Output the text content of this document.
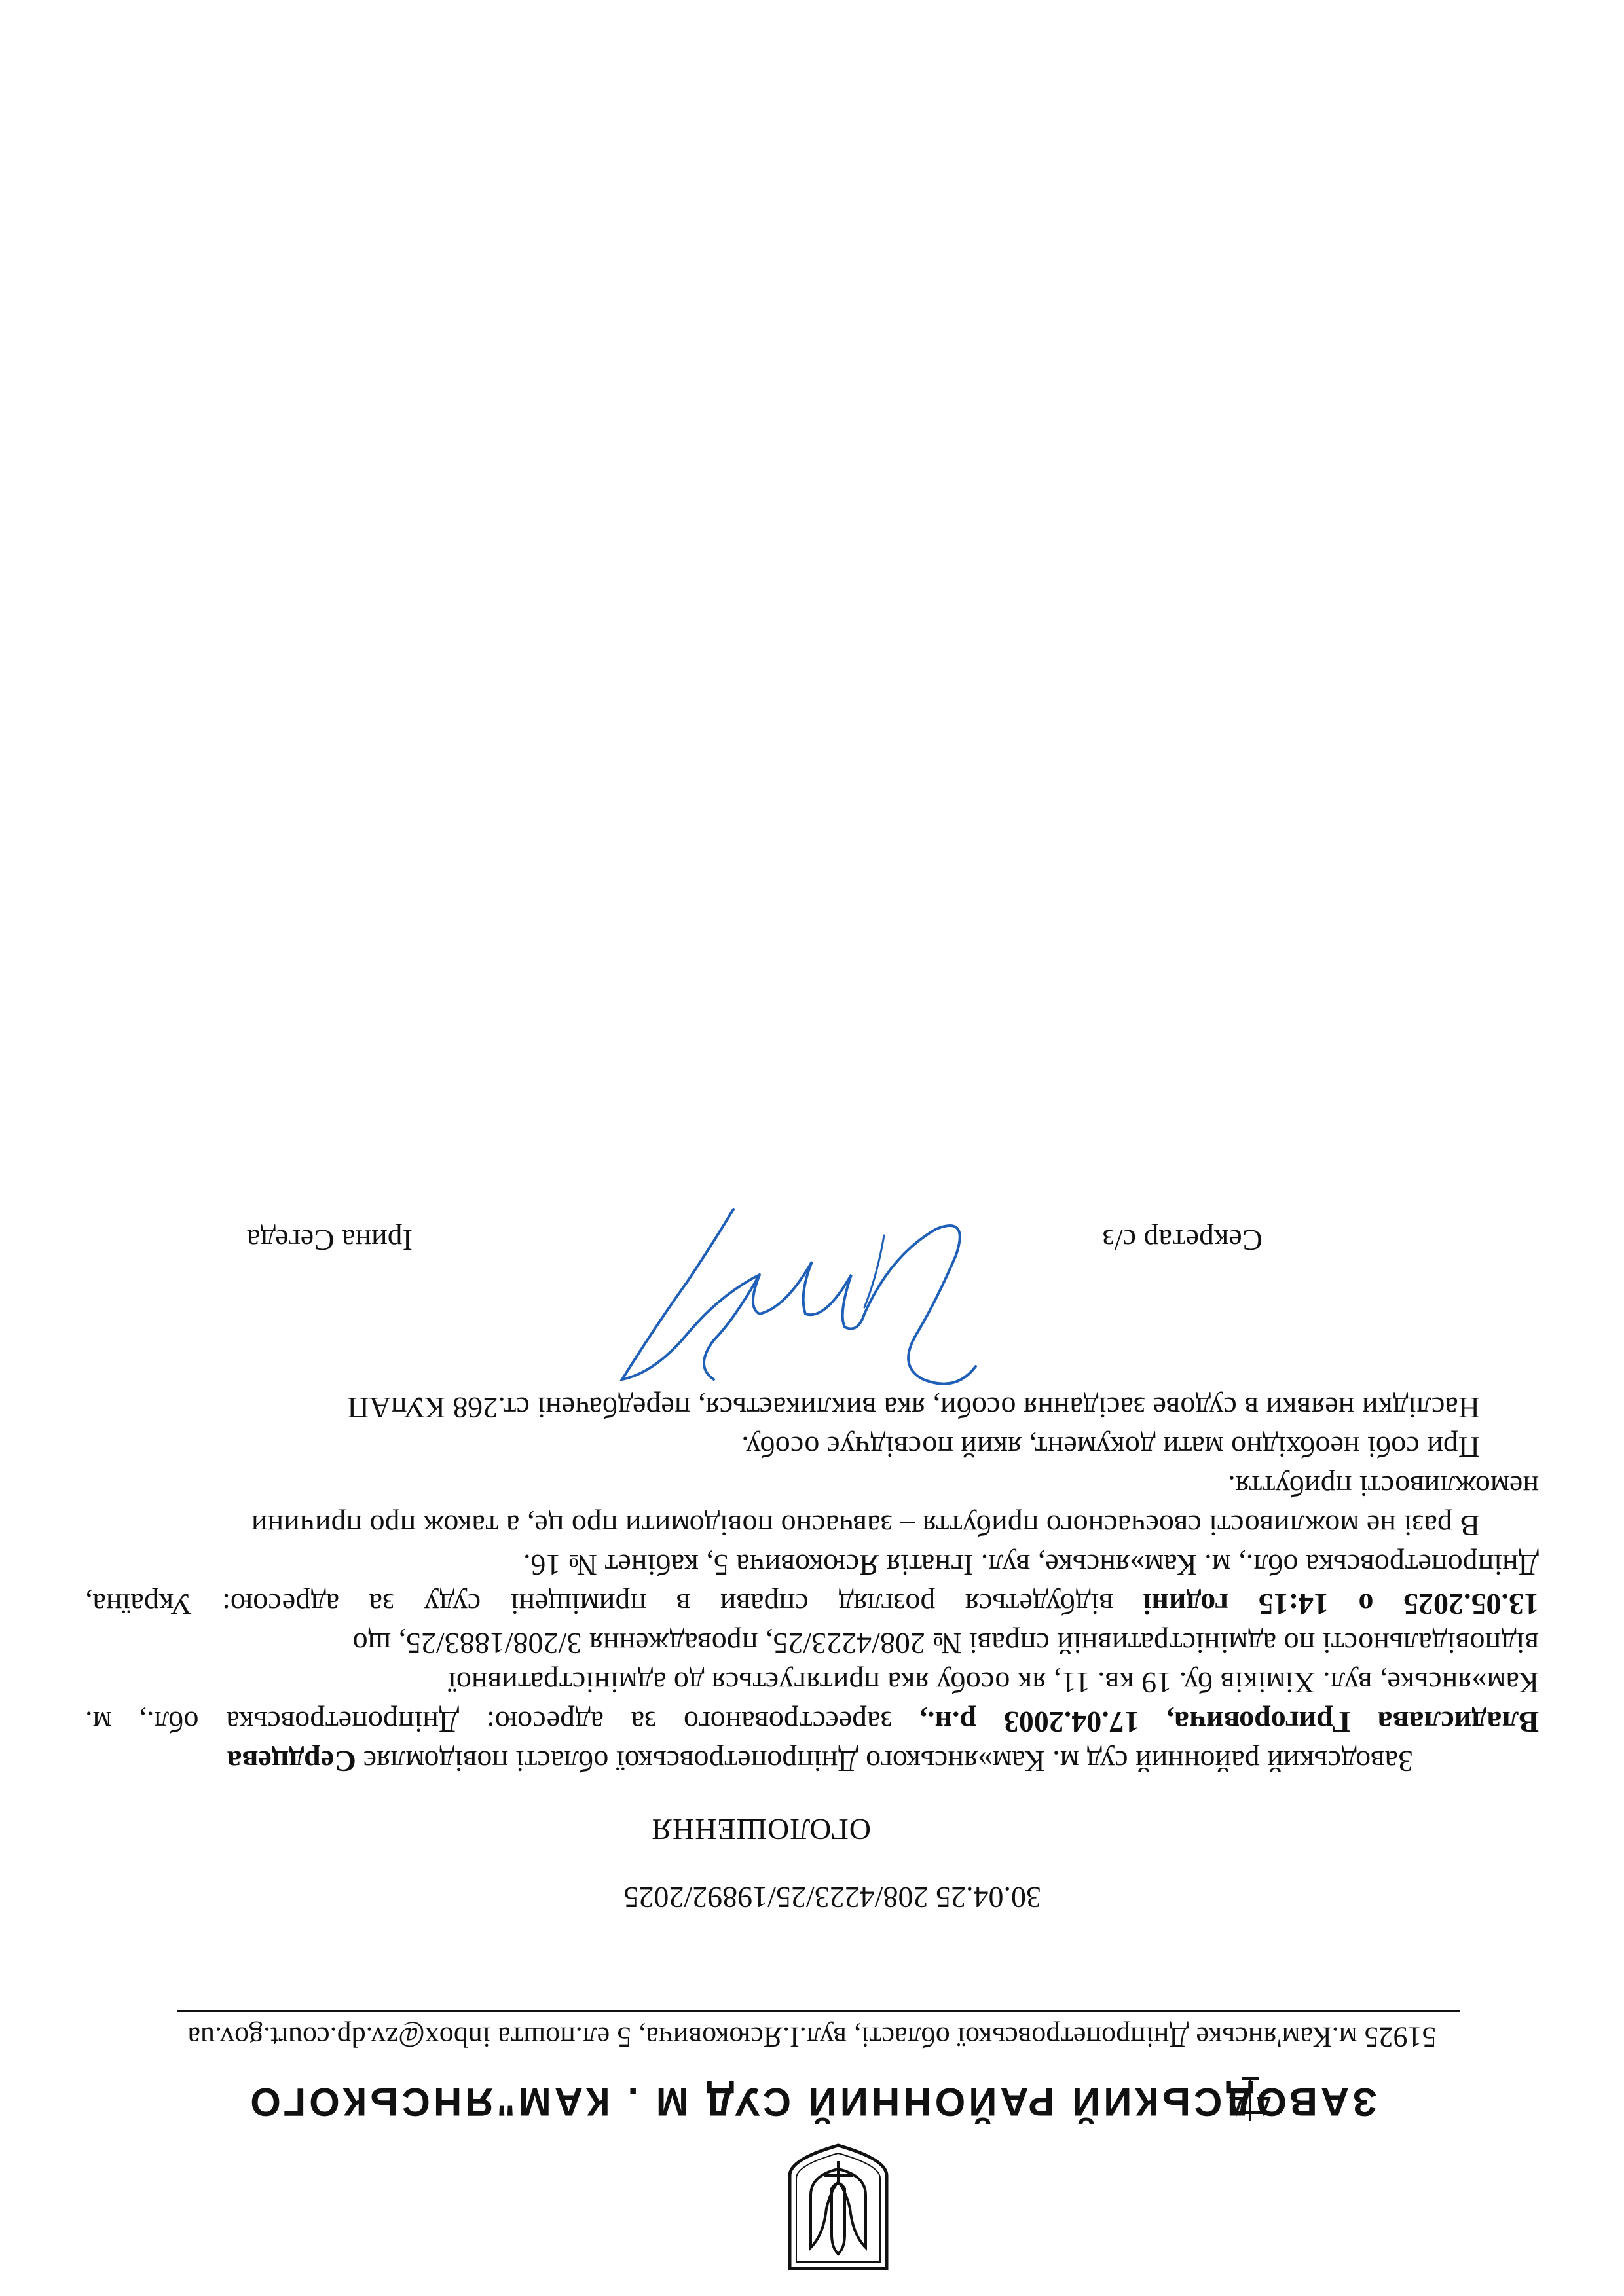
ЗАВОДСЬКИЙ РАЙОННИЙ СУД М . КАМ"ЯНСЬКОГО
51925 м.Кам'янське Дніпропетровської області, вул.І.Ясюковича, 5 ел.пошта inbox@zv.dp.court.gov.ua
30.04.25 208/4223/25/19892/2025
ОГОЛОШЕННЯ
Заводський районний суд м. Кам»янського Дніпропетровської області повідомляє Сердцева
Владислава Григоровича, 17.04.2003 р.н., зареєстрованого за адресою: Дніпропетровська обл., м.
Кам»янське, вул. Хіміків бу. 19 кв. 11, як особу яка притягується до адміністративної
відповідальності по адміністративній справі № 208/4223/25, провадження 3/208/1883/25, що
13.05.2025 о 14:15 годині відбудеться розгляд справи в приміщені суду за адресою: Україна,
Дніпропетровська обл., м. Кам»янське, вул. Ігнатія Ясюковича 5, кабінет № 16.
В разі не можливості своєчасного прибуття – завчасно повідомити про це, а також про причини
неможливості прибуття.
При собі необхідно мати документ, який посвідчує особу.
Наслідки неявки в судове засідання особи, яка викликається, передбачені ст.268 КУпАП
Секретар с/з
Ірина Сегеда
